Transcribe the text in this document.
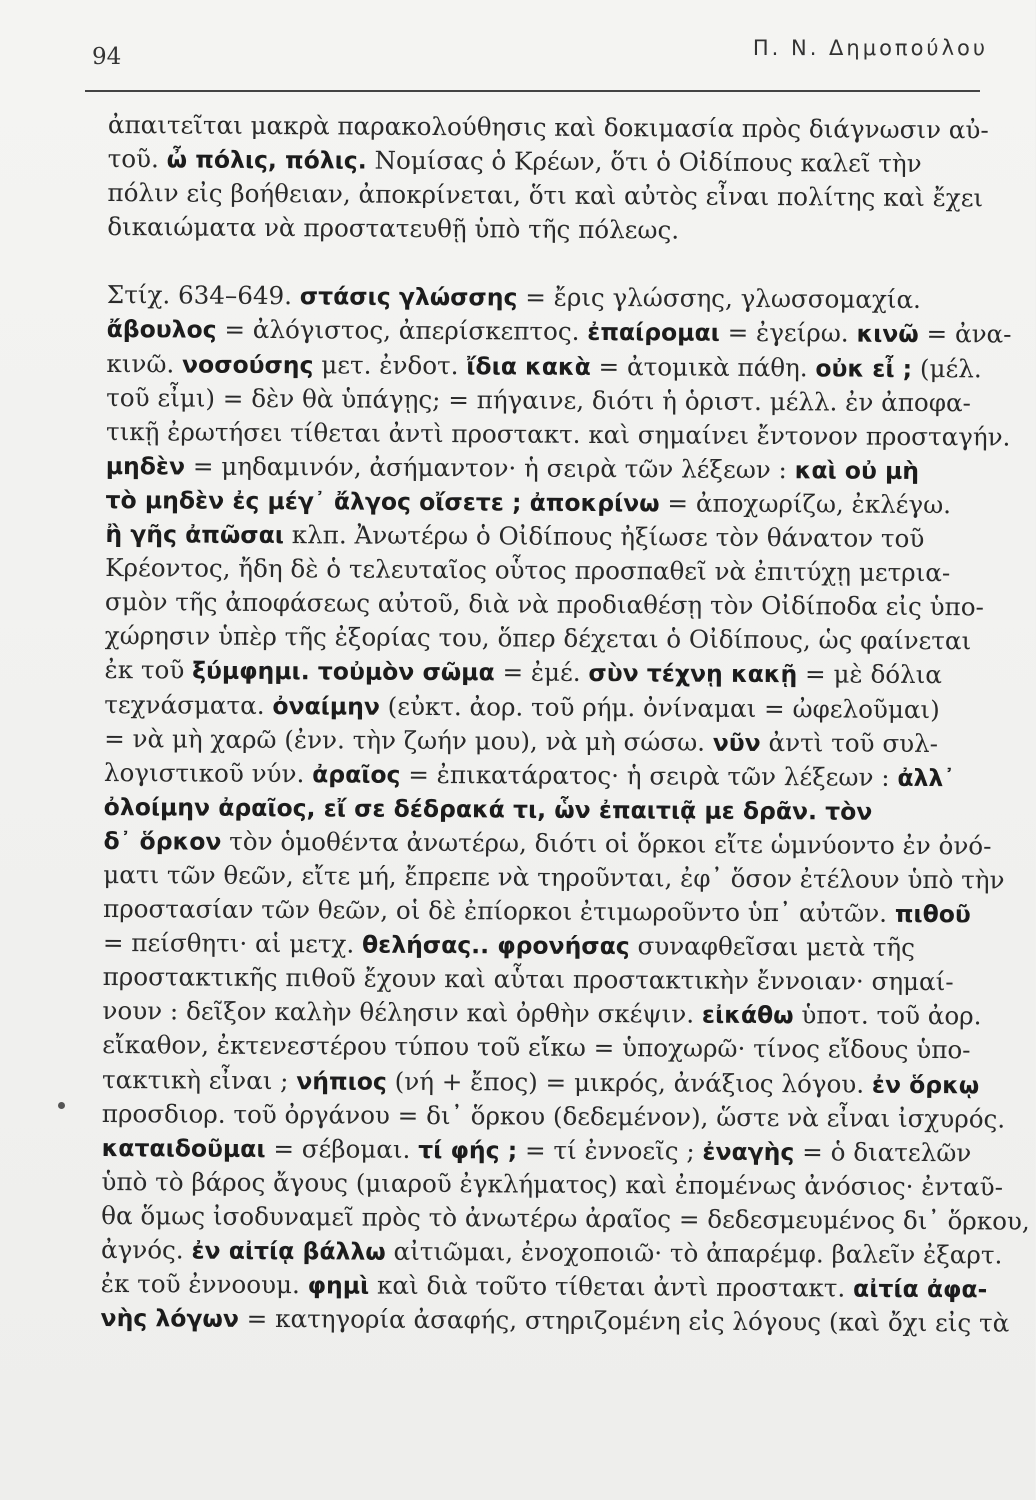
94	Π. Ν. Δημοπούλου
ἀπαιτεῖται μακρὰ παρακολούθησις καὶ δοκιμασία πρὸς διάγνωσιν αὐ-
τοῦ. ὦ πόλις, πόλις. Νομίσας ὁ Κρέων, ὅτι ὁ Οἰδίπους καλεῖ τὴν
πόλιν εἰς βοήθειαν, ἀποκρίνεται, ὅτι καὶ αὐτὸς εἶναι πολίτης καὶ ἔχει
δικαιώματα νὰ προστατευθῇ ὑπὸ τῆς πόλεως.
Στίχ. 634–649. στάσις γλώσσης = ἔρις γλώσσης, γλωσσομαχία.
ἄβουλος = ἀλόγιστος, ἀπερίσκεπτος. ἐπαίρομαι = ἐγείρω. κινῶ = ἀνα-
κινῶ. νοσούσης μετ. ἐνδοτ. ἴδια κακὰ = ἀτομικὰ πάθη. οὐκ εἶ ; (μέλ.
τοῦ εἶμι) = δὲν θὰ ὑπάγῃς; = πήγαινε, διότι ἡ ὁριστ. μέλλ. ἐν ἀποφα-
τικῇ ἐρωτήσει τίθεται ἀντὶ προστακτ. καὶ σημαίνει ἔντονον προσταγήν.
μηδὲν = μηδαμινόν, ἀσήμαντον· ἡ σειρὰ τῶν λέξεων : καὶ οὐ μὴ
τὸ μηδὲν ἐς μέγ᾽ ἄλγος οἴσετε ; ἀποκρίνω = ἀποχωρίζω, ἐκλέγω.
ἢ γῆς ἀπῶσαι κλπ. Ἀνωτέρω ὁ Οἰδίπους ἠξίωσε τὸν θάνατον τοῦ
Κρέοντος, ἤδη δὲ ὁ τελευταῖος οὗτος προσπαθεῖ νὰ ἐπιτύχῃ μετρια-
σμὸν τῆς ἀποφάσεως αὐτοῦ, διὰ νὰ προδιαθέσῃ τὸν Οἰδίποδα εἰς ὑπο-
χώρησιν ὑπὲρ τῆς ἐξορίας του, ὅπερ δέχεται ὁ Οἰδίπους, ὡς φαίνεται
ἐκ τοῦ ξύμφημι. τοὐμὸν σῶμα = ἐμέ. σὺν τέχνῃ κακῇ = μὲ δόλια
τεχνάσματα. ὀναίμην (εὐκτ. ἀορ. τοῦ ρήμ. ὀνίναμαι = ὠφελοῦμαι)
= νὰ μὴ χαρῶ (ἐνν. τὴν ζωήν μου), νὰ μὴ σώσω. νῦν ἀντὶ τοῦ συλ-
λογιστικοῦ νύν. ἀραῖος = ἐπικατάρατος· ἡ σειρὰ τῶν λέξεων : ἀλλ᾽
ὀλοίμην ἀραῖος, εἴ σε δέδρακά τι, ὧν ἐπαιτιᾷ με δρᾶν. τὸν
δ᾽ ὅρκον τὸν ὁμοθέντα ἀνωτέρω, διότι οἱ ὅρκοι εἴτε ὡμνύοντο ἐν ὀνό-
ματι τῶν θεῶν, εἴτε μή, ἔπρεπε νὰ τηροῦνται, ἐφ᾽ ὅσον ἐτέλουν ὑπὸ τὴν
προστασίαν τῶν θεῶν, οἱ δὲ ἐπίορκοι ἐτιμωροῦντο ὑπ᾽ αὐτῶν. πιθοῦ
= πείσθητι· αἱ μετχ. θελήσας.. φρονήσας συναφθεῖσαι μετὰ τῆς
προστακτικῆς πιθοῦ ἔχουν καὶ αὗται προστακτικὴν ἔννοιαν· σημαί-
νουν : δεῖξον καλὴν θέλησιν καὶ ὀρθὴν σκέψιν. εἰκάθω ὑποτ. τοῦ ἀορ.
εἴκαθον, ἐκτενεστέρου τύπου τοῦ εἴκω = ὑποχωρῶ· τίνος εἴδους ὑπο-
τακτικὴ εἶναι ; νήπιος (νή + ἔπος) = μικρός, ἀνάξιος λόγου. ἐν ὅρκῳ
προσδιορ. τοῦ ὀργάνου = δι᾽ ὅρκου (δεδεμένον), ὥστε νὰ εἶναι ἰσχυρός.
καταιδοῦμαι = σέβομαι. τί φής ; = τί ἐννοεῖς ; ἐναγὴς = ὁ διατελῶν
ὑπὸ τὸ βάρος ἄγους (μιαροῦ ἐγκλήματος) καὶ ἐπομένως ἀνόσιος· ἐνταῦ-
θα ὅμως ἰσοδυναμεῖ πρὸς τὸ ἀνωτέρω ἀραῖος = δεδεσμευμένος δι᾽ ὅρκου,
ἀγνός. ἐν αἰτίᾳ βάλλω αἰτιῶμαι, ἐνοχοποιῶ· τὸ ἀπαρέμφ. βαλεῖν ἐξαρτ.
ἐκ τοῦ ἐννοουμ. φημὶ καὶ διὰ τοῦτο τίθεται ἀντὶ προστακτ. αἰτία ἀφα-
νὴς λόγων = κατηγορία ἀσαφής, στηριζομένη εἰς λόγους (καὶ ὄχι εἰς τὰ
